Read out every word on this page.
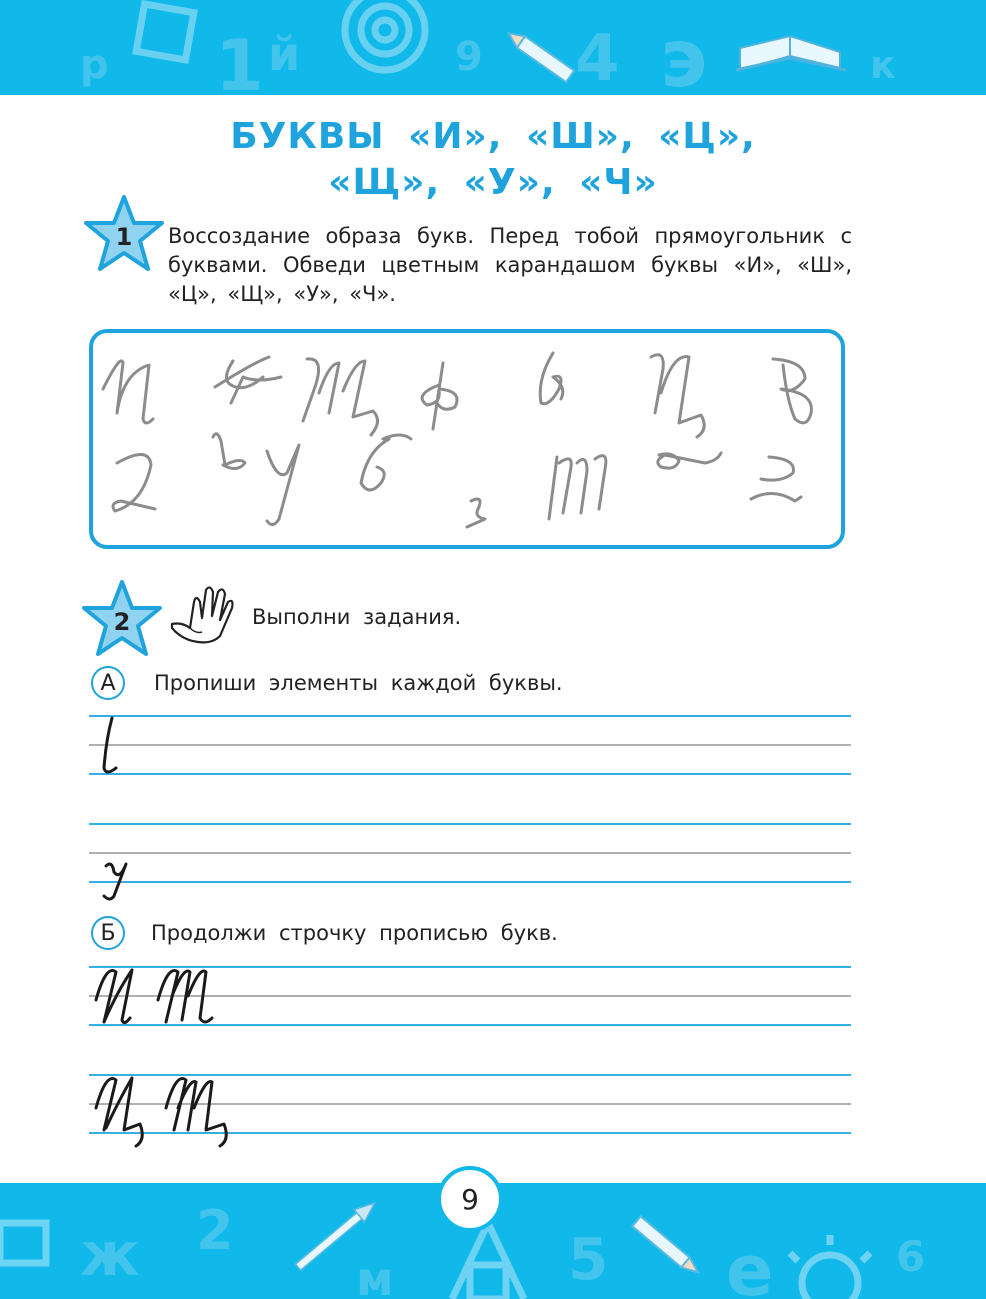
р 1 й	9 4 э	к
БУКВЫ «И», «Ш», «Ц»,
«Щ», «У», «Ч»
1	Воссоздание образа букв. Перед тобой прямоугольник с буквами. Обведи цветным карандашом буквы «И», «Ш», «Ц», «Щ», «У», «Ч».
2	Выполни задания.
А	Пропиши элементы каждой буквы.
Б	Продолжи строчку прописью букв.
ж 2
м	5 е	6
9
